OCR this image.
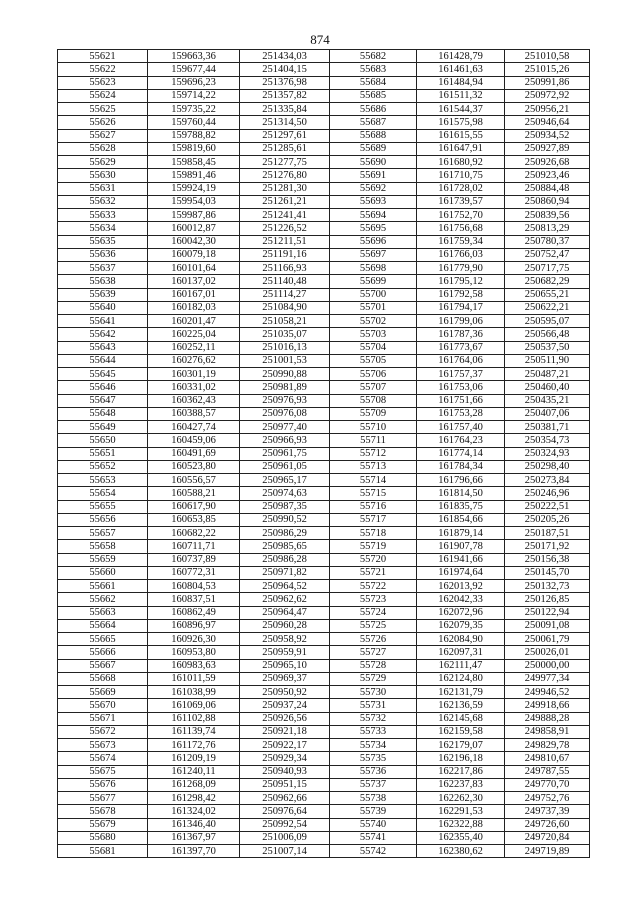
874
55621	159663,36	251434,03	55682	161428,79	251010,58
55622	159677,44	251404,15	55683	161461,63	251015,26
55623	159696,23	251376,98	55684	161484,94	250991,86
55624	159714,22	251357,82	55685	161511,32	250972,92
55625	159735,22	251335,84	55686	161544,37	250956,21
55626	159760,44	251314,50	55687	161575,98	250946,64
55627	159788,82	251297,61	55688	161615,55	250934,52
55628	159819,60	251285,61	55689	161647,91	250927,89
55629	159858,45	251277,75	55690	161680,92	250926,68
55630	159891,46	251276,80	55691	161710,75	250923,46
55631	159924,19	251281,30	55692	161728,02	250884,48
55632	159954,03	251261,21	55693	161739,57	250860,94
55633	159987,86	251241,41	55694	161752,70	250839,56
55634	160012,87	251226,52	55695	161756,68	250813,29
55635	160042,30	251211,51	55696	161759,34	250780,37
55636	160079,18	251191,16	55697	161766,03	250752,47
55637	160101,64	251166,93	55698	161779,90	250717,75
55638	160137,02	251140,48	55699	161795,12	250682,29
55639	160167,01	251114,27	55700	161792,58	250655,21
55640	160182,03	251084,90	55701	161794,17	250622,21
55641	160201,47	251058,21	55702	161799,06	250595,07
55642	160225,04	251035,07	55703	161787,36	250566,48
55643	160252,11	251016,13	55704	161773,67	250537,50
55644	160276,62	251001,53	55705	161764,06	250511,90
55645	160301,19	250990,88	55706	161757,37	250487,21
55646	160331,02	250981,89	55707	161753,06	250460,40
55647	160362,43	250976,93	55708	161751,66	250435,21
55648	160388,57	250976,08	55709	161753,28	250407,06
55649	160427,74	250977,40	55710	161757,40	250381,71
55650	160459,06	250966,93	55711	161764,23	250354,73
55651	160491,69	250961,75	55712	161774,14	250324,93
55652	160523,80	250961,05	55713	161784,34	250298,40
55653	160556,57	250965,17	55714	161796,66	250273,84
55654	160588,21	250974,63	55715	161814,50	250246,96
55655	160617,90	250987,35	55716	161835,75	250222,51
55656	160653,85	250990,52	55717	161854,66	250205,26
55657	160682,22	250986,29	55718	161879,14	250187,51
55658	160711,71	250985,65	55719	161907,78	250171,92
55659	160737,89	250986,28	55720	161941,66	250156,38
55660	160772,31	250971,82	55721	161974,64	250145,70
55661	160804,53	250964,52	55722	162013,92	250132,73
55662	160837,51	250962,62	55723	162042,33	250126,85
55663	160862,49	250964,47	55724	162072,96	250122,94
55664	160896,97	250960,28	55725	162079,35	250091,08
55665	160926,30	250958,92	55726	162084,90	250061,79
55666	160953,80	250959,91	55727	162097,31	250026,01
55667	160983,63	250965,10	55728	162111,47	250000,00
55668	161011,59	250969,37	55729	162124,80	249977,34
55669	161038,99	250950,92	55730	162131,79	249946,52
55670	161069,06	250937,24	55731	162136,59	249918,66
55671	161102,88	250926,56	55732	162145,68	249888,28
55672	161139,74	250921,18	55733	162159,58	249858,91
55673	161172,76	250922,17	55734	162179,07	249829,78
55674	161209,19	250929,34	55735	162196,18	249810,67
55675	161240,11	250940,93	55736	162217,86	249787,55
55676	161268,09	250951,15	55737	162237,83	249770,70
55677	161298,42	250962,66	55738	162262,30	249752,76
55678	161324,02	250976,64	55739	162291,53	249737,39
55679	161346,40	250992,54	55740	162322,88	249726,60
55680	161367,97	251006,09	55741	162355,40	249720,84
55681	161397,70	251007,14	55742	162380,62	249719,89
